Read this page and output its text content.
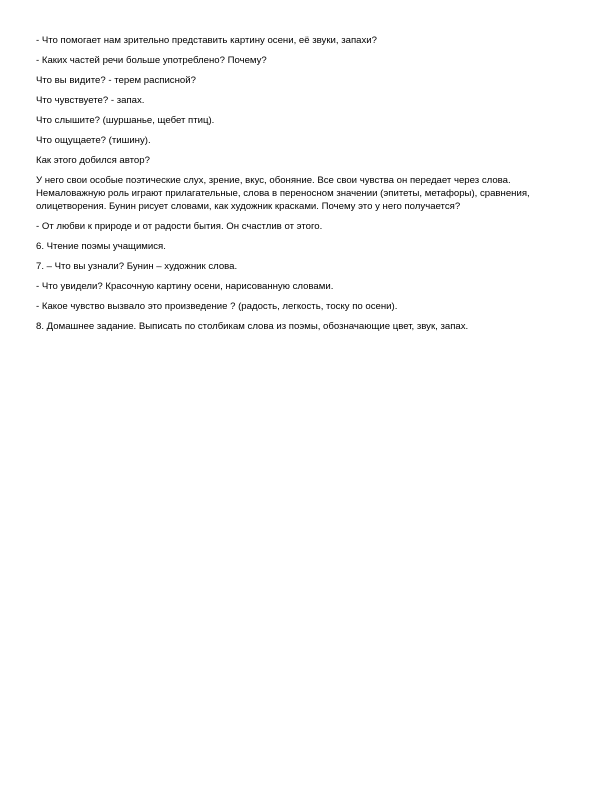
- Что помогает нам зрительно представить картину осени, её звуки, запахи?

- Каких частей речи больше употреблено? Почему?

Что вы видите? - терем расписной?

Что чувствуете? - запах.

Что слышите? (шуршанье, щебет птиц).

Что ощущаете? (тишину).

Как этого добился автор?

У него свои особые поэтические слух, зрение, вкус, обоняние. Все свои чувства он передает через слова. Немаловажную роль играют прилагательные, слова в переносном значении (эпитеты, метафоры), сравнения, олицетворения. Бунин рисует словами, как художник красками. Почему это у него получается?

- От любви к природе и от радости бытия. Он счастлив от этого.

6. Чтение поэмы учащимися.

7. – Что вы узнали? Бунин – художник слова.

- Что увидели? Красочную картину осени, нарисованную словами.

- Какое чувство вызвало это произведение ? (радость, легкость, тоску по осени).

8. Домашнее задание. Выписать по столбикам слова из поэмы, обозначающие цвет, звук, запах.
